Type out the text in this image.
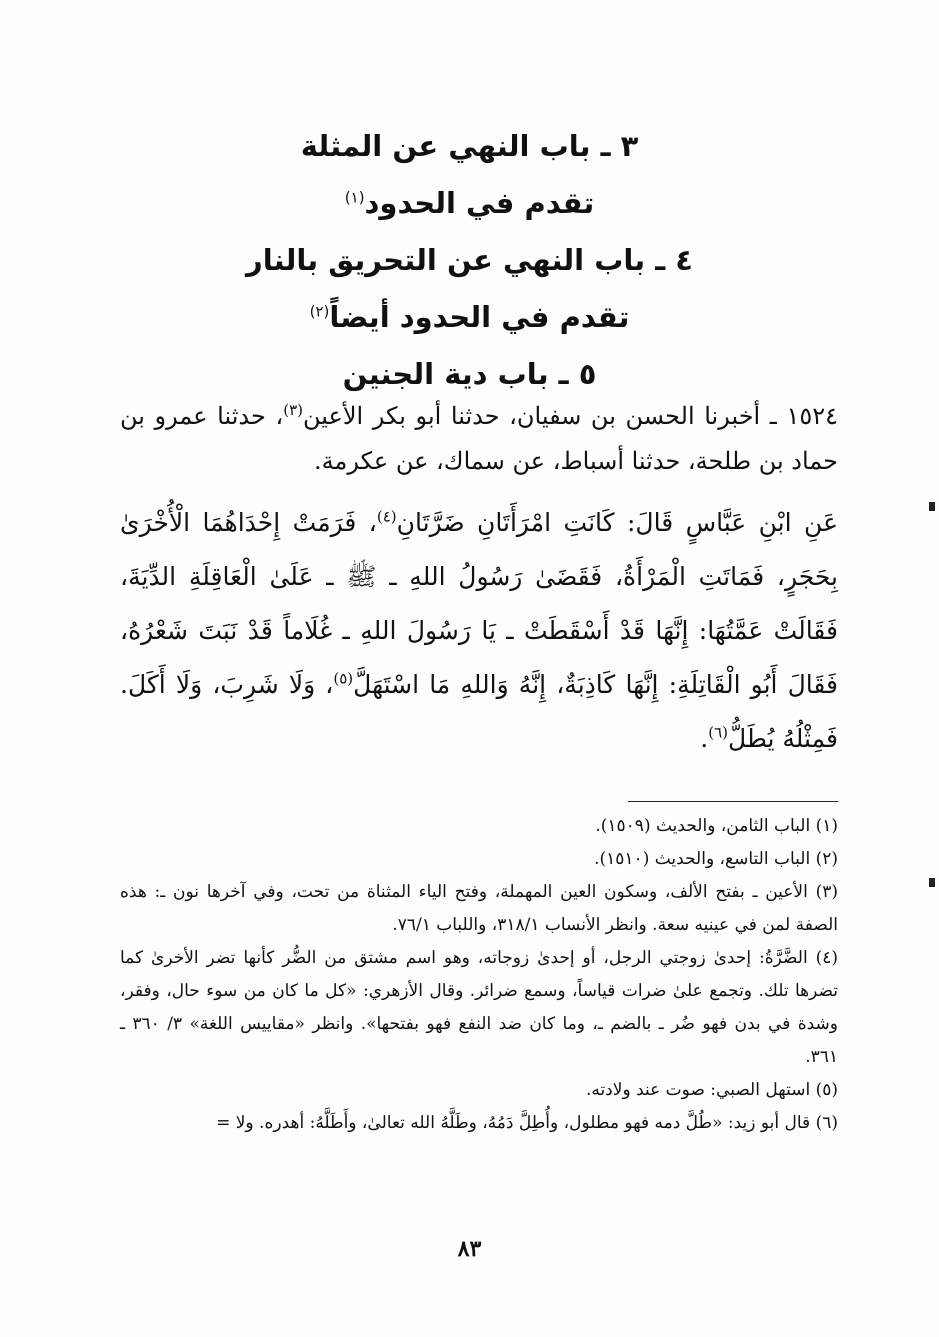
٣ ـ باب النهي عن المثلة
تقدم في الحدود$^{(١)}$
٤ ـ باب النهي عن التحريق بالنار
تقدم في الحدود أيضاً$^{(٢)}$
٥ ـ باب دية الجنين

١٥٢٤ ـ أخبرنا الحسن بن سفيان، حدثنا أبو بكر الأعين$^{(٣)}$، حدثنا عمرو بن حماد بن طلحة، حدثنا أسباط، عن سماك، عن عكرمة.

عَنِ ابْنِ عَبَّاسٍ قَالَ: كَانَتِ امْرَأَتَانِ ضَرَّتَانِ$^{(٤)}$، فَرَمَتْ إِحْدَاهُمَا الْأُخْرَىٰ بِحَجَرٍ، فَمَاتَتِ الْمَرْأَةُ، فَقَضَىٰ رَسُولُ اللهِ ـ ﷺ ـ عَلَىٰ الْعَاقِلَةِ الدِّيَةَ، فَقَالَتْ عَمَّتُهَا: إِنَّهَا قَدْ أَسْقَطَتْ ـ يَا رَسُولَ اللهِ ـ غُلَاماً قَدْ نَبَتَ شَعْرُهُ، فَقَالَ أَبُو الْقَاتِلَةِ: إِنَّهَا كَاذِبَةٌ، إِنَّهُ وَاللهِ مَا اسْتَهَلَّ$^{(٥)}$، وَلَا شَرِبَ، وَلَا أَكَلَ. فَمِثْلُهُ يُطَلُّ$^{(٦)}$.

(١) الباب الثامن، والحديث (١٥٠٩).

(٢) الباب التاسع، والحديث (١٥١٠).

(٣) الأعين ـ بفتح الألف، وسكون العين المهملة، وفتح الياء المثناة من تحت، وفي آخرها نون ـ: هذه الصفة لمن في عينيه سعة. وانظر الأنساب ٣١٨/١، واللباب ٧٦/١.

(٤) الضَّرَّةُ: إحدىٰ زوجتي الرجل، أو إحدىٰ زوجاته، وهو اسم مشتق من الضُّر كأنها تضر الأخرىٰ كما تضرها تلك. وتجمع علىٰ ضرات قياساً، وسمع ضرائر. وقال الأزهري: «كل ما كان من سوء حال، وفقر، وشدة في بدن فهو ضُر ـ بالضم ـ، وما كان ضد النفع فهو بفتحها». وانظر «مقاييس اللغة» ٣/ ٣٦٠ ـ ٣٦١.

(٥) استهل الصبي: صوت عند ولادته.

(٦) قال أبو زيد: «طُلَّ دمه فهو مطلول، وأُطِلَّ دَمُهُ، وطَلَّهُ الله تعالىٰ، وأَطَلَّهُ: أهدره. ولا =

٨٣
